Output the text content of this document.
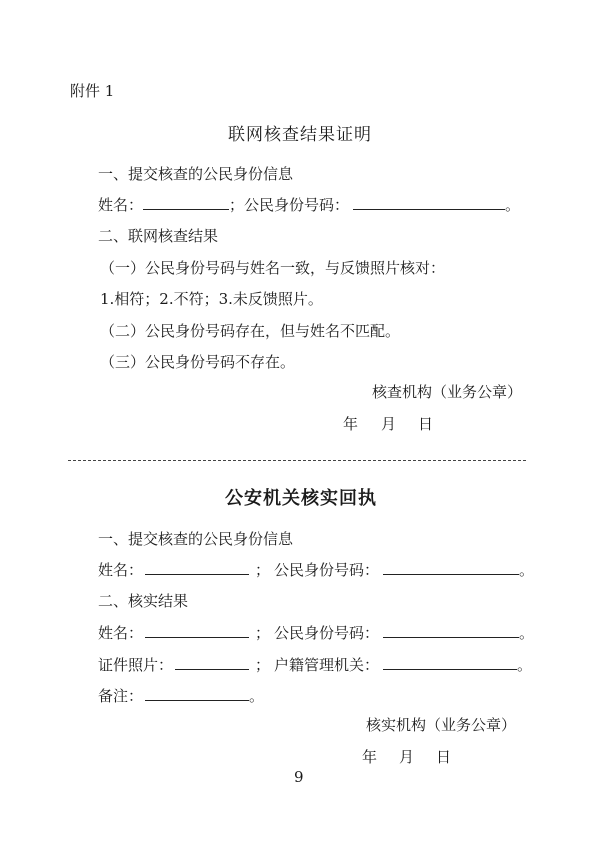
附件 1
联网核查结果证明
一、提交核查的公民身份信息
姓名：	；公民身份号码：	。
二、联网核查结果
（一）公民身份号码与姓名一致，与反馈照片核对：
1.相符；2.不符；3.未反馈照片。
（二）公民身份号码存在，但与姓名不匹配。
（三）公民身份号码不存在。
核查机构（业务公章）
年 月 日
公安机关核实回执
一、提交核查的公民身份信息
姓名：	； 公民身份号码：	。
二、核实结果
姓名：	； 公民身份号码：	。
证件照片：	； 户籍管理机关：	。
备注：	。
核实机构（业务公章）
年 月 日
9
